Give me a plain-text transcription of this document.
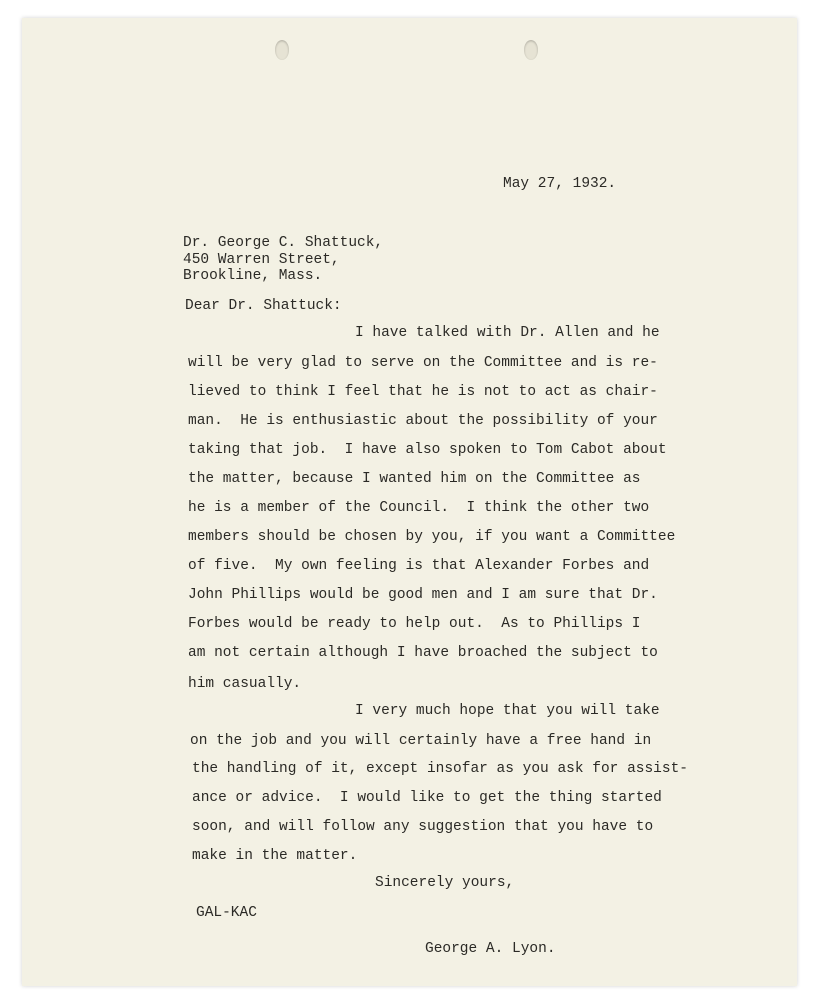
May 27, 1932.

Dr. George C. Shattuck,

450 Warren Street,

Brookline, Mass.

Dear Dr. Shattuck:

I have talked with Dr. Allen and he

will be very glad to serve on the Committee and is re-

lieved to think I feel that he is not to act as chair-

man.  He is enthusiastic about the possibility of your

taking that job.  I have also spoken to Tom Cabot about

the matter, because I wanted him on the Committee as

he is a member of the Council.  I think the other two

members should be chosen by you, if you want a Committee

of five.  My own feeling is that Alexander Forbes and

John Phillips would be good men and I am sure that Dr.

Forbes would be ready to help out.  As to Phillips I

am not certain although I have broached the subject to

him casually.

I very much hope that you will take

on the job and you will certainly have a free hand in

the handling of it, except insofar as you ask for assist-

ance or advice.  I would like to get the thing started

soon, and will follow any suggestion that you have to

make in the matter.

Sincerely yours,

GAL-KAC

George A. Lyon.
